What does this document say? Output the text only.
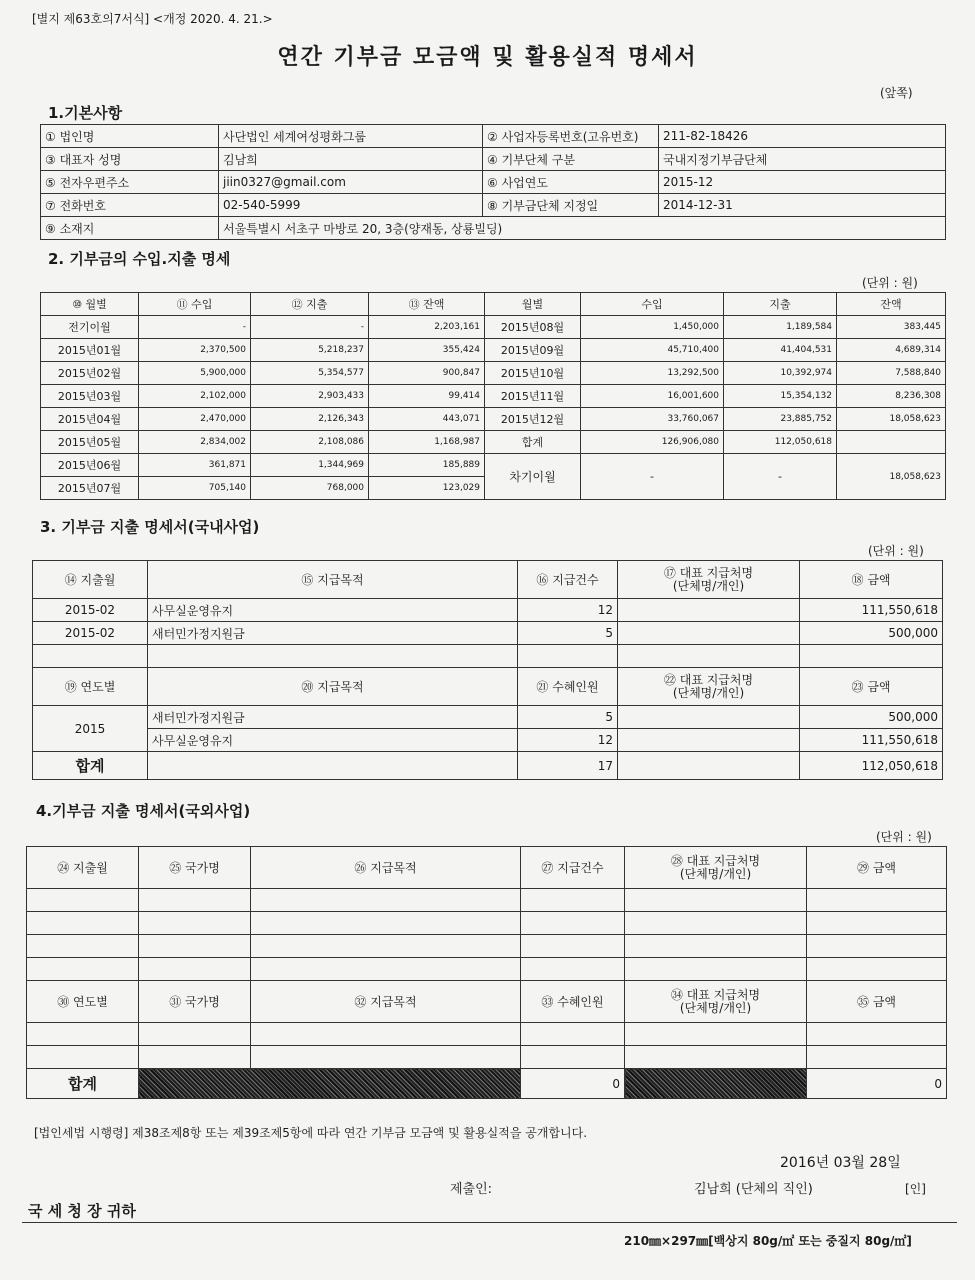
[별지 제63호의7서식] <개정 2020. 4. 21.>
연간 기부금 모금액 및 활용실적 명세서
(앞쪽)
1.기본사항
① 법인명	사단법인 세계여성평화그룹	② 사업자등록번호(고유번호)	211-82-18426
③ 대표자 성명	김남희	④ 기부단체 구분	국내지정기부금단체
⑤ 전자우편주소	jiin0327@gmail.com	⑥ 사업연도	2015-12
⑦ 전화번호	02-540-5999	⑧ 기부금단체 지정일	2014-12-31
⑨ 소재지	서울특별시 서초구 마방로 20, 3층(양재동, 상룡빌딩)		
2. 기부금의 수입.지출 명세
(단위 : 원)
⑩ 월별	⑪ 수입	⑫ 지출	⑬ 잔액	월별	수입	지출	잔액
전기이월	-	-	2,203,161	2015년08월	1,450,000	1,189,584	383,445
2015년01월	2,370,500	5,218,237	355,424	2015년09월	45,710,400	41,404,531	4,689,314
2015년02월	5,900,000	5,354,577	900,847	2015년10월	13,292,500	10,392,974	7,588,840
2015년03월	2,102,000	2,903,433	99,414	2015년11월	16,001,600	15,354,132	8,236,308
2015년04월	2,470,000	2,126,343	443,071	2015년12월	33,760,067	23,885,752	18,058,623
2015년05월	2,834,002	2,108,086	1,168,987	합계	126,906,080	112,050,618	
2015년06월	361,871	1,344,969	185,889	차기이월	-	-	18,058,623
2015년07월	705,140	768,000	123,029				
3. 기부금 지출 명세서(국내사업)
(단위 : 원)
⑭ 지출월	⑮ 지급목적	⑯ 지급건수	⑰ 대표 지급처명
(단체명/개인)	⑱ 금액
2015-02	사무실운영유지	12		111,550,618
2015-02	새터민가정지원금	5		500,000

⑲ 연도별	⑳ 지급목적	㉑ 수혜인원	㉒ 대표 지급처명
(단체명/개인)	㉓ 금액
2015	새터민가정지원금	5		500,000
	사무실운영유지	12		111,550,618
합계		17		112,050,618
4.기부금 지출 명세서(국외사업)
(단위 : 원)
㉔ 지출월	㉕ 국가명	㉖ 지급목적	㉗ 지급건수	㉘ 대표 지급처명
(단체명/개인)	㉙ 금액

㉚ 연도별	㉛ 국가명	㉜ 지급목적	㉝ 수혜인원	㉞ 대표 지급처명
(단체명/개인)	㉟ 금액

합계			0		0
[법인세법 시행령] 제38조제8항 또는 제39조제5항에 따라 연간 기부금 모금액 및 활용실적을 공개합니다.
2016년 03월 28일
제출인:	김남희 (단체의 직인)	[인]
국 세 청 장 귀하
210㎜×297㎜[백상지 80g/㎡ 또는 중질지 80g/㎡]
